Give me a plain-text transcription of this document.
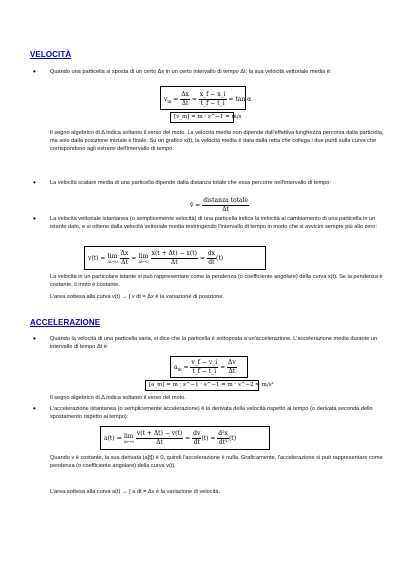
VELOCITÀ
•	Quando una particella si sposta di un certo Δx in un certo intervallo di tempo Δt, la sua velocità vettoriale media è:
$v_m = \frac{\Delta x}{\Delta t} = \frac{x\_f - x\_i}{t\_f - t\_i} = \tan \alpha$
[v_m] = m · s^−1 = m/s
Il segno algebrico di Δ indica soltanto il verso del moto. La velocità media non dipende dall'effettiva lunghezza percorsa dalla particella, ma solo dalla posizione iniziale e finale. Su un grafico x(t), la velocità media è data dalla retta che collega i due punti sulla curva che corrispondono agli estremi dell'intervallo di tempo.
•	La velocità scalare media di una particella dipende dalla distanza totale che essa percorre nell'intervallo di tempo:
v̄ = $\frac{\text{distanza totale}}{\Delta t}$
•	La velocità vettoriale istantanea (o semplicemente velocità) di una particella indica la velocità al cambiamento di una particella in un istante dato, e si ottiene dalla velocità vettoriale media restringendo l'intervallo di tempo in modo che si avvicini sempre più allo zero:
v(t) = lim
Δt→0
$\frac{\Delta x}{\Delta t} = \lim$
Δt→0
$\frac{x(t + \Delta t) - x(t)}{\Delta t} = \frac{dx}{dt} (t)$
La velocità in un particolare istante si può rappresentare come la pendenza (o coefficiente angolare) della curva x(t). Se la pendenza è costante, il moto è costante.
L'area sottesa alla curva v(t) → ∫ v dt = Δx è la variazione di posizione.
ACCELERAZIONE
•	Quando la velocità di una particella varia, si dice che la particella è sottoposta a un'accelerazione. L'accelerazione media durante un intervallo di tempo Δt è:
$a_m = \frac{v\_f - v\_i}{t\_f - t\_i} = \frac{\Delta v}{\Delta t}$
[a_m] = m · s^−1 · s^−1 = m · s^−2 = m/s²
Il segno algebrico di Δ indica soltanto il verso del moto.
•	L'accelerazione istantanea (o semplicemente accelerazione) è la derivata della velocità rispetto al tempo (o derivata seconda dello spostamento rispetto al tempo):
a(t) = lim
Δt→0
$\frac{v(t + \Delta t) - v(t)}{\Delta t} = \frac{dv}{dt} (t) = \frac{\text{d²x}}{\text{dt²}} (t)$
Quando v è costante, la sua derivata (a[t]) è 0, quindi l'accelerazione è nulla. Graficamente, l'accelerazione si può rappresentare come pendenza (o coefficiente angolare) della curva v(t).
L'area sottesa alla curva a(t) → ∫ a dt = Δv è la variazione di velocità.
